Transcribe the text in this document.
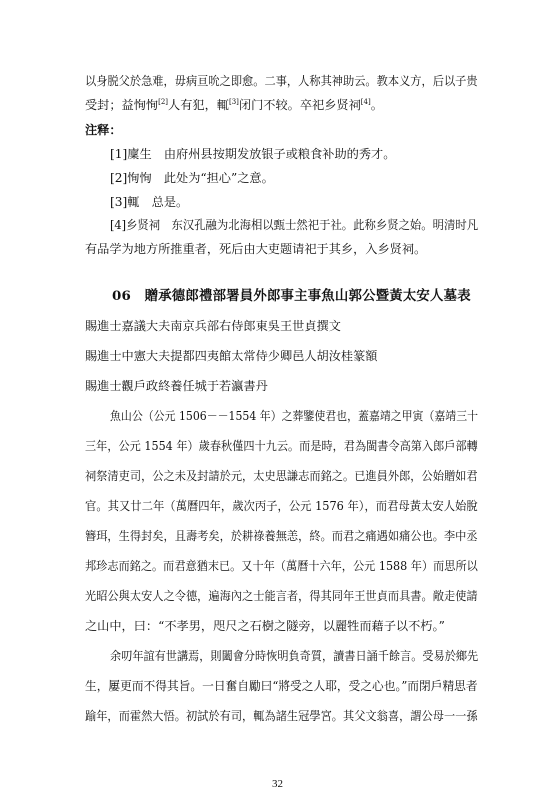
以身脱父於急难，毋病亘吮之即愈。二事，人称其神助云。教本义方，后以子贵
受封；益恂恂[2]人有犯，輒[3]闭门不较。卒祀乡贤祠[4]。
注释：
[1]廩生　由府州县按期发放银子或粮食补助的秀才。
[2]恂恂　此处为“担心”之意。
[3]輒　总是。
[4]乡贤祠　东汉孔融为北海相以甄士然祀于社。此称乡贤之始。明清时凡
有品学为地方所推重者，死后由大吏题请祀于其乡，入乡贤祠。
06　贈承德郎禮部署員外郎事主事魚山郭公暨黃太安人墓表
賜進士嘉議大夫南京兵部右侍郎東吳王世貞撰文
賜進士中憲大夫提都四夷館太常侍少卿邑人胡汝桂篆額
賜進士觀戶政終養任城于若瀛書丹
魚山公（公元 1506－－1554 年）之葬鑒使君也，蓋嘉靖之甲寅（嘉靖三十
三年，公元 1554 年）歲春秋僅四十九云。而是時，君為閩書令高第入郎戶部轉
祠祭清吏司，公之未及封請於元，太史思謙志而銘之。已進員外郎，公始贈如君
官。其又廿二年（萬曆四年，歲次丙子，公元 1576 年），而君母黃太安人始脫
簪珥，生得封矣，且壽考矣，於耕祿養無恙，終。而君之痛遇如痛公也。李中丞
邦珍志而銘之。而君意猶末已。又十年（萬曆十六年，公元 1588 年）而思所以
光昭公與太安人之令德，遍海內之士能言者，得其同年王世貞而具書。敞走使請
之山中，曰：“不孝男，咫尺之石樹之隧旁，以麗牲而藉子以不朽。”
余叨年誼有世講焉，則闔會分時恢明負奇質，讀書日誦千餘言。受易於鄉先
生，屢更而不得其旨。一日奮自勵曰“將受之人耶，受之心也。”而閉戶精思者
踰年，而霍然大悟。初試於有司，輒為諸生冠學宮。其父文翁喜，謂公母一一孫
32
